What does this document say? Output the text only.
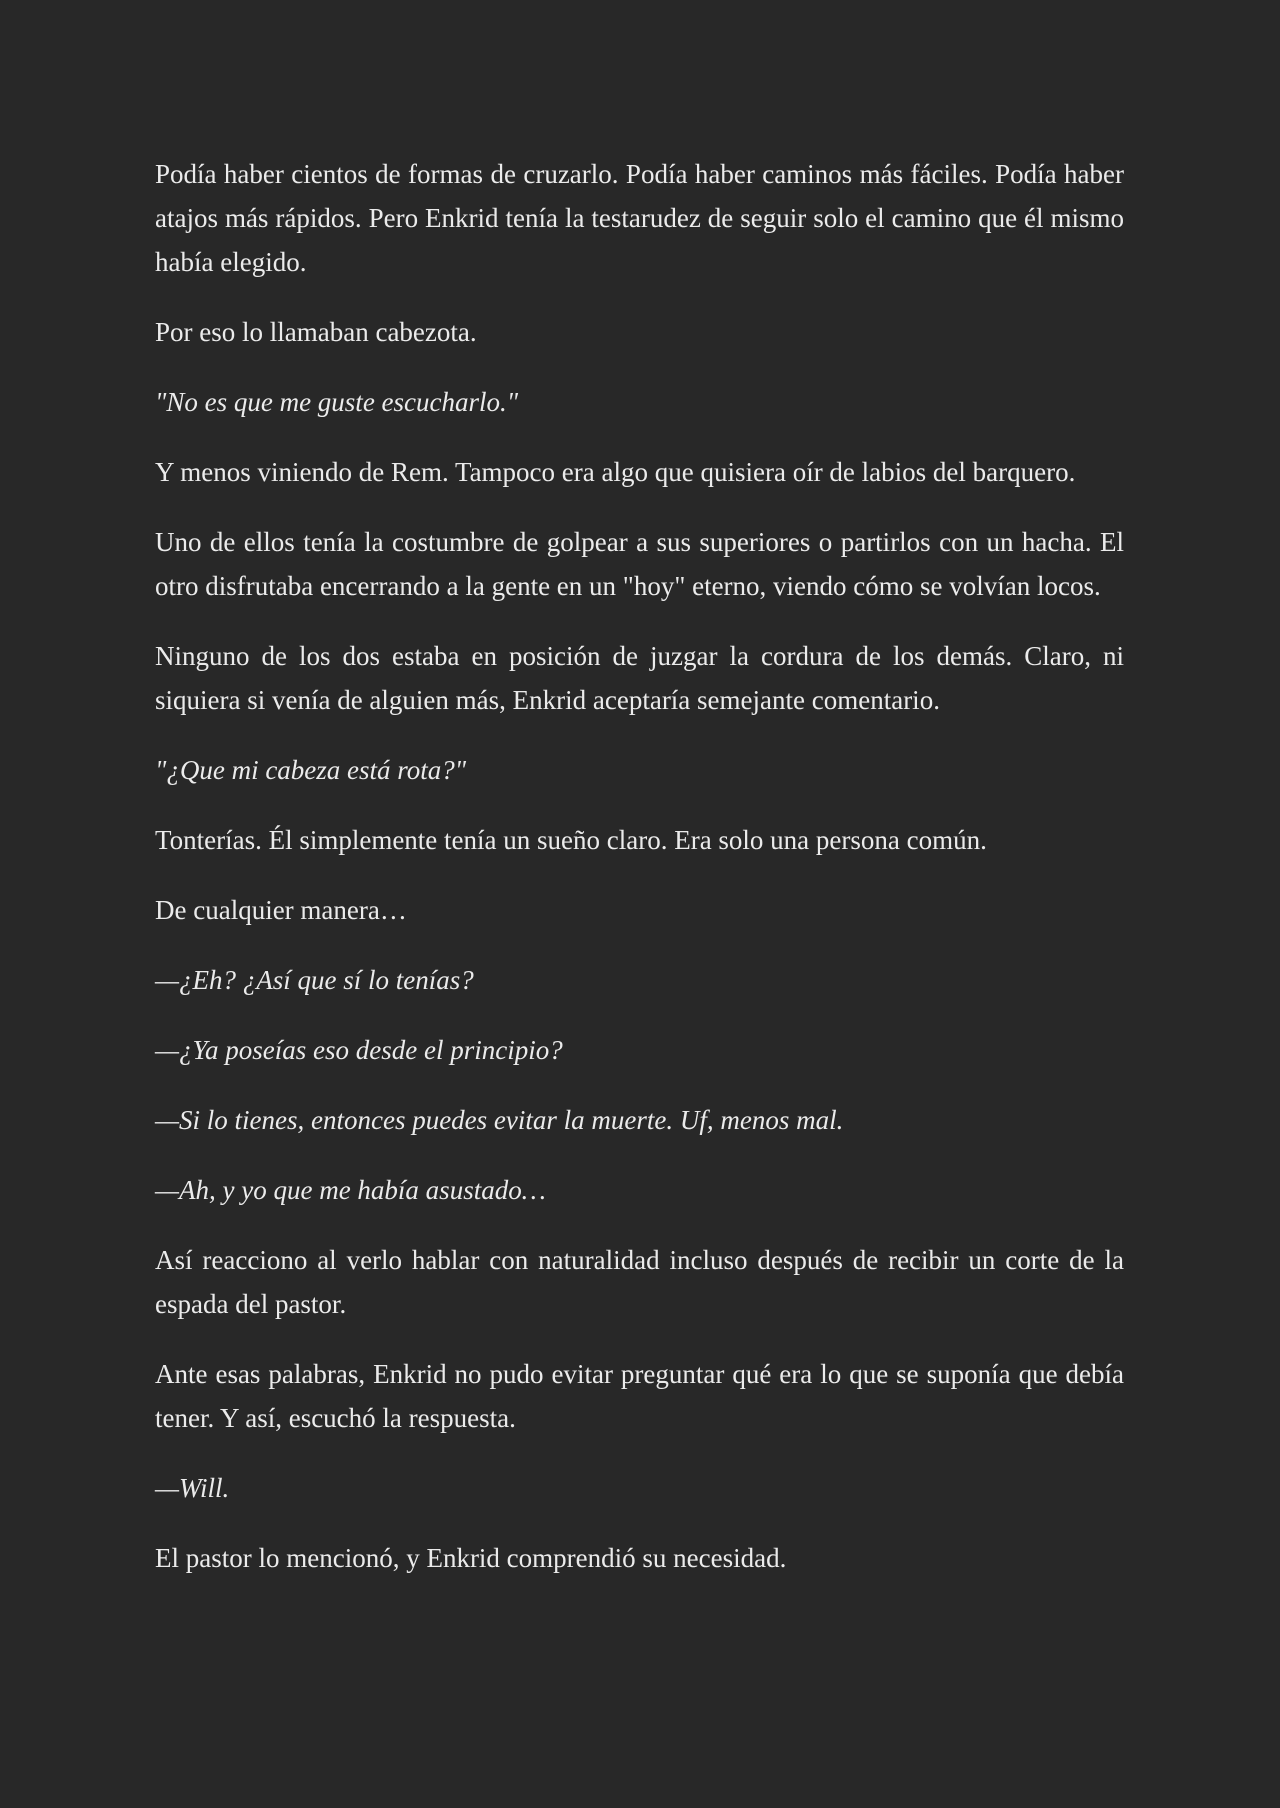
Podía haber cientos de formas de cruzarlo. Podía haber caminos más fáciles. Podía haber atajos más rápidos. Pero Enkrid tenía la testarudez de seguir solo el camino que él mismo había elegido.

Por eso lo llamaban cabezota.

"No es que me guste escucharlo."

Y menos viniendo de Rem. Tampoco era algo que quisiera oír de labios del barquero.

Uno de ellos tenía la costumbre de golpear a sus superiores o partirlos con un hacha. El otro disfrutaba encerrando a la gente en un "hoy" eterno, viendo cómo se volvían locos.

Ninguno de los dos estaba en posición de juzgar la cordura de los demás. Claro, ni siquiera si venía de alguien más, Enkrid aceptaría semejante comentario.

"¿Que mi cabeza está rota?"

Tonterías. Él simplemente tenía un sueño claro. Era solo una persona común.

De cualquier manera…

—¿Eh? ¿Así que sí lo tenías?

—¿Ya poseías eso desde el principio?

—Si lo tienes, entonces puedes evitar la muerte. Uf, menos mal.

—Ah, y yo que me había asustado…

Así reacciono al verlo hablar con naturalidad incluso después de recibir un corte de la espada del pastor.

Ante esas palabras, Enkrid no pudo evitar preguntar qué era lo que se suponía que debía tener. Y así, escuchó la respuesta.

—Will.

El pastor lo mencionó, y Enkrid comprendió su necesidad.
